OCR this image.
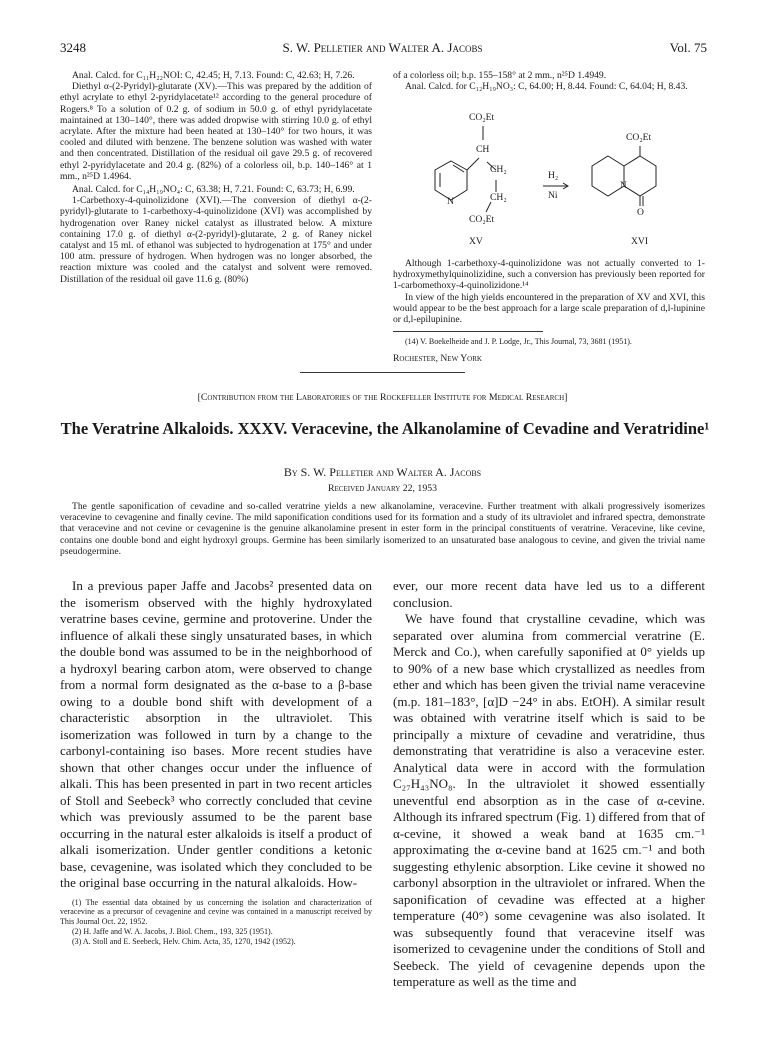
3248	S. W. Pelletier and Walter A. Jacobs	Vol. 75

Anal. Calcd. for C₁₁H₂₂NOI: C, 42.45; H, 7.13. Found: C, 42.63; H, 7.26.

Diethyl α-(2-Pyridyl)-glutarate (XV).—This was prepared by the addition of ethyl acrylate to ethyl 2-pyridylacetate¹² according to the general procedure of Rogers.⁸ To a solution of 0.2 g. of sodium in 50.0 g. of ethyl pyridylacetate maintained at 130–140°, there was added dropwise with stirring 10.0 g. of ethyl acrylate. After the mixture had been heated at 130–140° for two hours, it was cooled and diluted with benzene. The benzene solution was washed with water and then concentrated. Distillation of the residual oil gave 29.5 g. of recovered ethyl 2-pyridylacetate and 20.4 g. (82%) of a colorless oil, b.p. 140–146° at 1 mm., n²⁵D 1.4964.

Anal. Calcd. for C₁₄H₁₉NO₄: C, 63.38; H, 7.21. Found: C, 63.73; H, 6.99.

1-Carbethoxy-4-quinolizidone (XVI).—The conversion of diethyl α-(2-pyridyl)-glutarate to 1-carbethoxy-4-quinolizidone (XVI) was accomplished by hydrogenation over Raney nickel catalyst as illustrated below. A mixture containing 17.0 g. of diethyl α-(2-pyridyl)-glutarate, 2 g. of Raney nickel catalyst and 15 ml. of ethanol was subjected to hydrogenation at 175° and under 100 atm. pressure of hydrogen. When hydrogen was no longer absorbed, the reaction mixture was cooled and the catalyst and solvent were removed. Distillation of the residual oil gave 11.6 g. (80%)

of a colorless oil; b.p. 155–158° at 2 mm., n²⁵D 1.4949.

Anal. Calcd. for C₁₂H₁₉NO₃: C, 64.00; H, 8.44. Found: C, 64.04; H, 8.43.

CO₂Et
CH
CH₂
CH₂
CO₂Et
N
H₂
Ni
CO₂Et
N
O
XV	XVI

Although 1-carbethoxy-4-quinolizidone was not actually converted to 1-hydroxymethylquinolizidine, such a conversion has previously been reported for 1-carbomethoxy-4-quinolizidone.¹⁴

In view of the high yields encountered in the preparation of XV and XVI, this would appear to be the best approach for a large scale preparation of d,l-lupinine or d,l-epilupinine.

(14) V. Boekelheide and J. P. Lodge, Jr., This Journal, 73, 3681 (1951).

Rochester, New York

[Contribution from the Laboratories of the Rockefeller Institute for Medical Research]
The Veratrine Alkaloids. XXXV. Veracevine, the Alkanolamine of Cevadine and Veratridine¹
By S. W. Pelletier and Walter A. Jacobs
Received January 22, 1953

The gentle saponification of cevadine and so-called veratrine yields a new alkanolamine, veracevine. Further treatment with alkali progressively isomerizes veracevine to cevagenine and finally cevine. The mild saponification conditions used for its formation and a study of its ultraviolet and infrared spectra, demonstrate that veracevine and not cevine or cevagenine is the genuine alkanolamine present in ester form in the principal constituents of veratrine. Veracevine, like cevine, contains one double bond and eight hydroxyl groups. Germine has been similarly isomerized to an unsaturated base analogous to cevine, and given the trivial name pseudogermine.

In a previous paper Jaffe and Jacobs² presented data on the isomerism observed with the highly hydroxylated veratrine bases cevine, germine and protoverine. Under the influence of alkali these singly unsaturated bases, in which the double bond was assumed to be in the neighborhood of a hydroxyl bearing carbon atom, were observed to change from a normal form designated as the α-base to a β-base owing to a double bond shift with development of a characteristic absorption in the ultraviolet. This isomerization was followed in turn by a change to the carbonyl-containing iso bases. More recent studies have shown that other changes occur under the influence of alkali. This has been presented in part in two recent articles of Stoll and Seebeck³ who correctly concluded that cevine which was previously assumed to be the parent base occurring in the natural ester alkaloids is itself a product of alkali isomerization. Under gentler conditions a ketonic base, cevagenine, was isolated which they concluded to be the original base occurring in the natural alkaloids. How-

(1) The essential data obtained by us concerning the isolation and characterization of veracevine as a precursor of cevagenine and cevine was contained in a manuscript received by This Journal Oct. 22, 1952.

(2) H. Jaffe and W. A. Jacobs, J. Biol. Chem., 193, 325 (1951).

(3) A. Stoll and E. Seebeck, Helv. Chim. Acta, 35, 1270, 1942 (1952).

ever, our more recent data have led us to a different conclusion.

We have found that crystalline cevadine, which was separated over alumina from commercial veratrine (E. Merck and Co.), when carefully saponified at 0° yields up to 90% of a new base which crystallized as needles from ether and which has been given the trivial name veracevine (m.p. 181–183°, [α]D −24° in abs. EtOH). A similar result was obtained with veratrine itself which is said to be principally a mixture of cevadine and veratridine, thus demonstrating that veratridine is also a veracevine ester. Analytical data were in accord with the formulation C₂₇H₄₃NO₈. In the ultraviolet it showed essentially uneventful end absorption as in the case of α-cevine. Although its infrared spectrum (Fig. 1) differed from that of α-cevine, it showed a weak band at 1635 cm.⁻¹ approximating the α-cevine band at 1625 cm.⁻¹ and both suggesting ethylenic absorption. Like cevine it showed no carbonyl absorption in the ultraviolet or infrared. When the saponification of cevadine was effected at a higher temperature (40°) some cevagenine was also isolated. It was subsequently found that veracevine itself was isomerized to cevagenine under the conditions of Stoll and Seebeck. The yield of cevagenine depends upon the temperature as well as the time and
